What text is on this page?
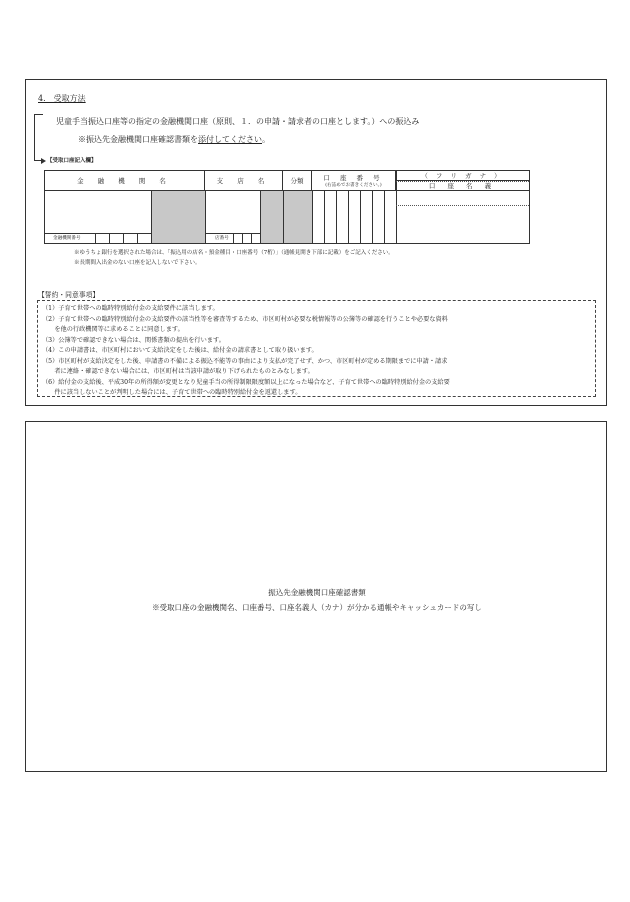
4.　受取方法
児童手当振込口座等の指定の金融機関口座（原則、１．の申請・請求者の口座とします。）への振込み
※振込先金融機関口座確認書類を添付してください。
【受取口座記入欄】
金 融 機 関 名	支 店 名	分類	口 座 番 号
(右詰めでお書きください。)
（ フ リ ガ ナ ）
口 座 名 義
金融機関番号	店番号
※ゆうちょ銀行を選択された場合は、「振込用の店名・預金種目・口座番号（7桁）」（通帳見開き下部に記載）をご記入ください。
※長期間入出金のない口座を記入しないで下さい。
【誓約・同意事項】
（1）子育て世帯への臨時特別給付金の支給要件に該当します。
（2）子育て世帯への臨時特別給付金の支給要件の該当性等を審査等するため、市区町村が必要な税情報等の公簿等の確認を行うことや必要な資料
　　を他の行政機関等に求めることに同意します。
（3）公簿等で確認できない場合は、関係書類の提出を行います。
（4）この申請書は、市区町村において支給決定をした後は、給付金の請求書として取り扱います。
（5）市区町村が支給決定をした後、申請書の不備による振込不能等の事由により支払が完了せず、かつ、市区町村が定める期限までに申請・請求
　　者に連絡・確認できない場合には、市区町村は当該申請が取り下げられたものとみなします。
（6）給付金の支給後、平成30年の所得額が変更となり児童手当の所得制限限度額以上になった場合など、子育て世帯への臨時特別給付金の支給要
　　件に該当しないことが判明した場合には、子育て世帯への臨時特別給付金を返還します。
振込先金融機関口座確認書類
※受取口座の金融機関名、口座番号、口座名義人（カナ）が分かる通帳やキャッシュカードの写し
